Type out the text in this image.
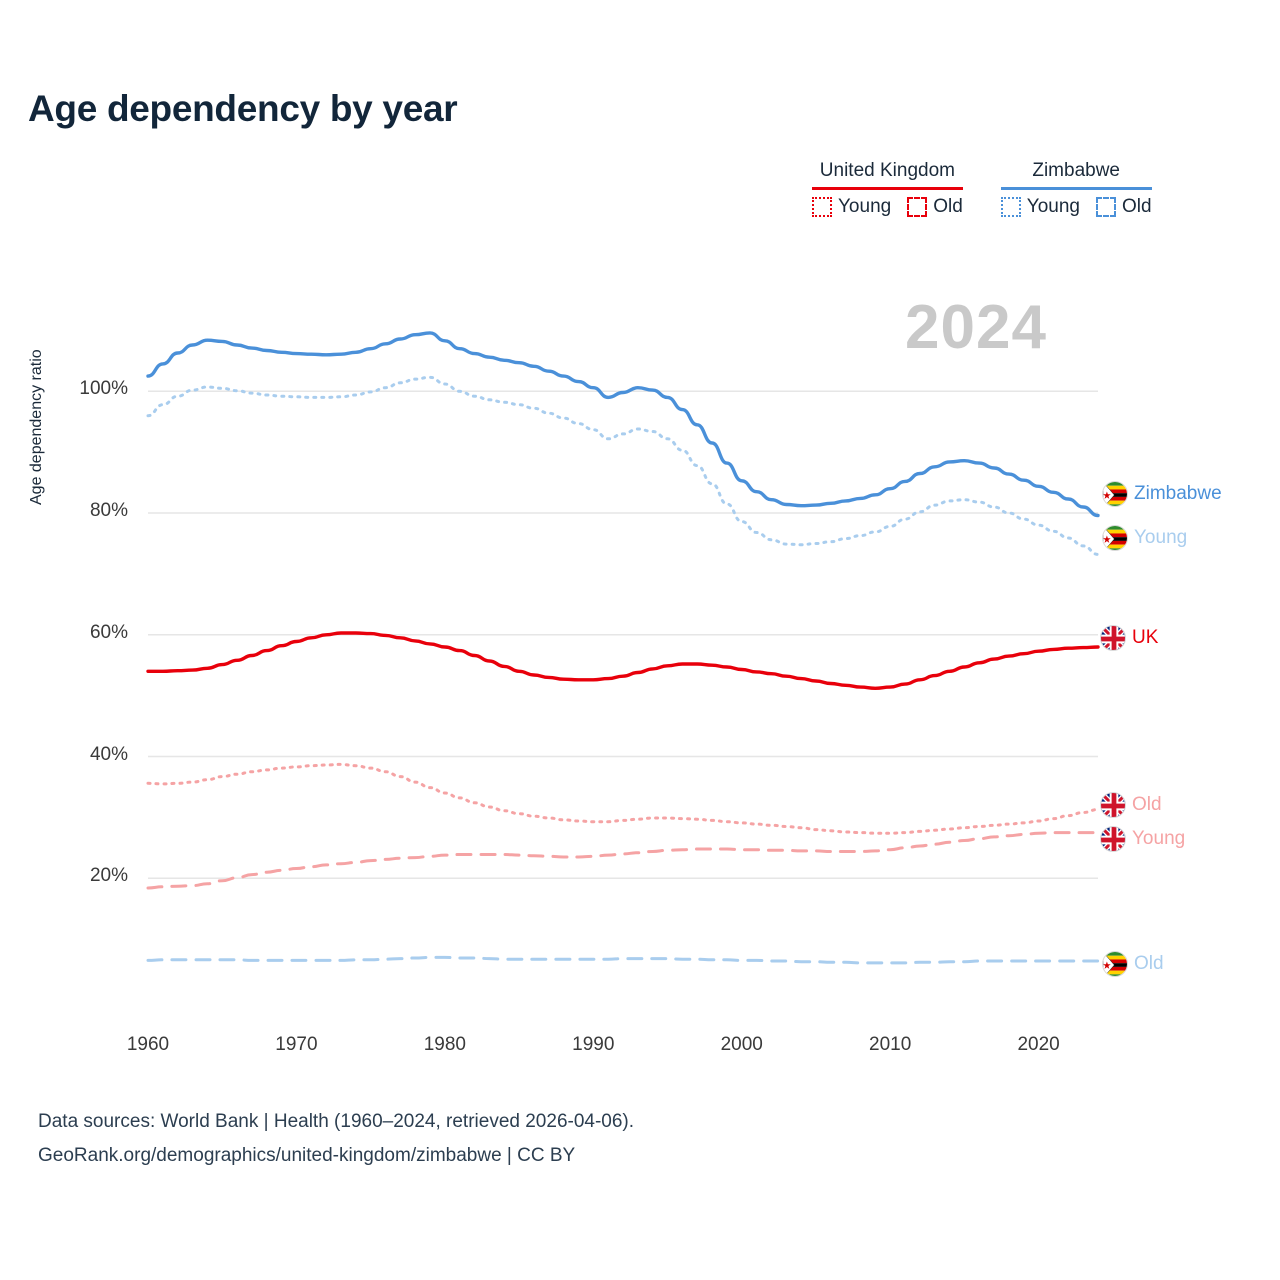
Age dependency by year
United Kingdom
Young Old
Zimbabwe
Young Old
2024
Age dependency ratio
20%
40%
60%
80%
100%
1960	1970	1980	1990	2000	2010	2020
Zimbabwe
Young
UK
Old
Young
Old
Data sources: World Bank | Health (1960–2024, retrieved 2026-04-06).
GeoRank.org/demographics/united-kingdom/zimbabwe | CC BY
